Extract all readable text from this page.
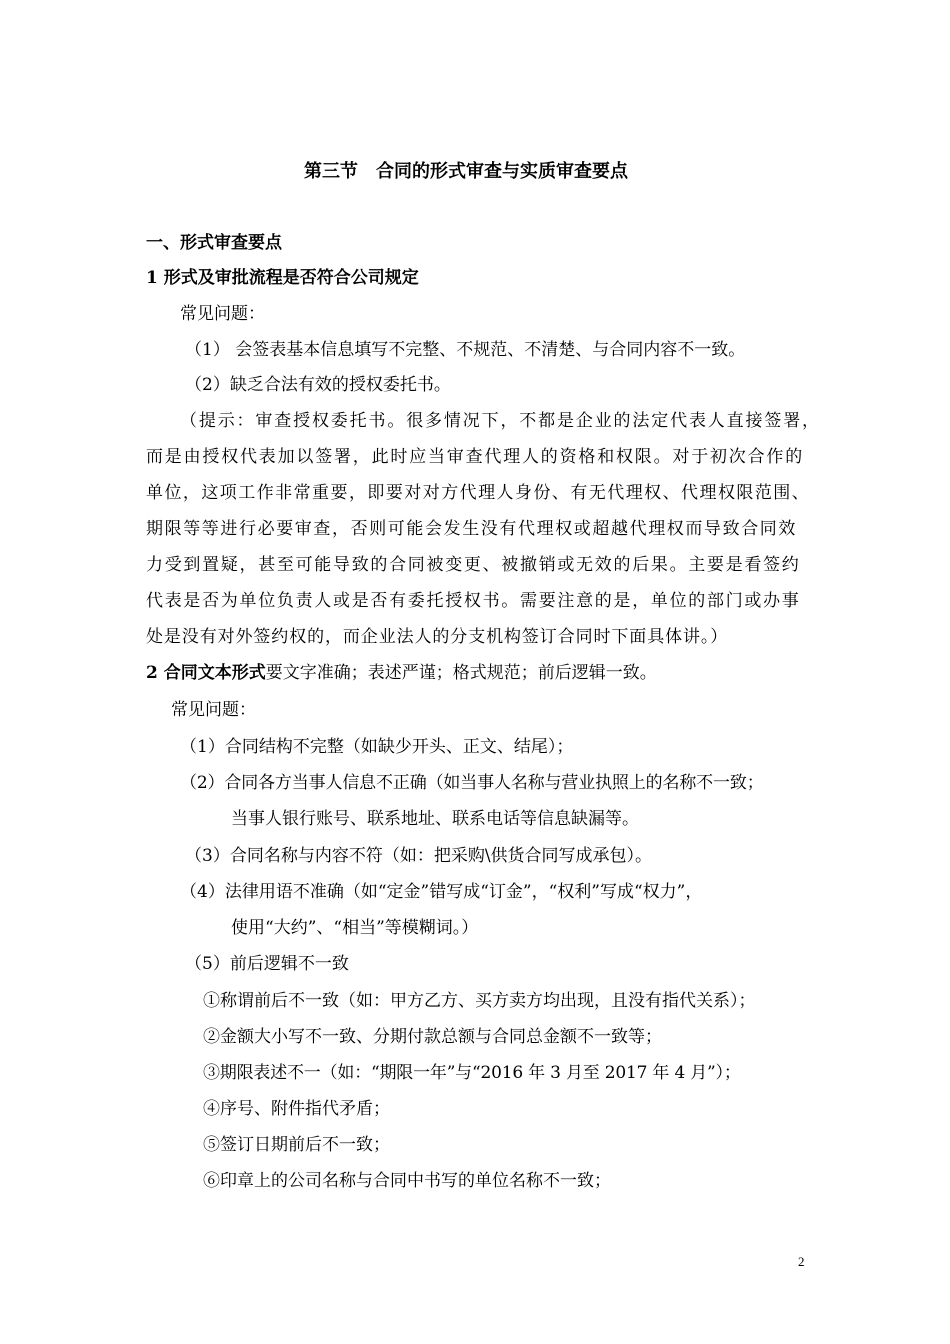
第三节　合同的形式审查与实质审查要点
一、形式审查要点
1 形式及审批流程是否符合公司规定
常见问题：
（1） 会签表基本信息填写不完整、不规范、不清楚、与合同内容不一致。
（2）缺乏合法有效的授权委托书。
（提示：审查授权委托书。很多情况下，不都是企业的法定代表人直接签署，
而是由授权代表加以签署，此时应当审查代理人的资格和权限。对于初次合作的
单位，这项工作非常重要，即要对对方代理人身份、有无代理权、代理权限范围、
期限等等进行必要审查，否则可能会发生没有代理权或超越代理权而导致合同效
力受到置疑，甚至可能导致的合同被变更、被撤销或无效的后果。主要是看签约
代表是否为单位负责人或是否有委托授权书。需要注意的是，单位的部门或办事
处是没有对外签约权的，而企业法人的分支机构签订合同时下面具体讲。）
2 合同文本形式要文字准确；表述严谨；格式规范；前后逻辑一致。
常见问题：
（1）合同结构不完整（如缺少开头、正文、结尾）；
（2）合同各方当事人信息不正确（如当事人名称与营业执照上的名称不一致；
当事人银行账号、联系地址、联系电话等信息缺漏等。
（3）合同名称与内容不符（如：把采购\供货合同写成承包）。
（4）法律用语不准确（如“定金”错写成“订金”，“权利”写成“权力”，
使用“大约”、“相当”等模糊词。）
（5）前后逻辑不一致
①称谓前后不一致（如：甲方乙方、买方卖方均出现，且没有指代关系）；
②金额大小写不一致、分期付款总额与合同总金额不一致等；
③期限表述不一（如：“期限一年”与“2016 年 3 月至 2017 年 4 月”）；
④序号、附件指代矛盾；
⑤签订日期前后不一致；
⑥印章上的公司名称与合同中书写的单位名称不一致；
2
